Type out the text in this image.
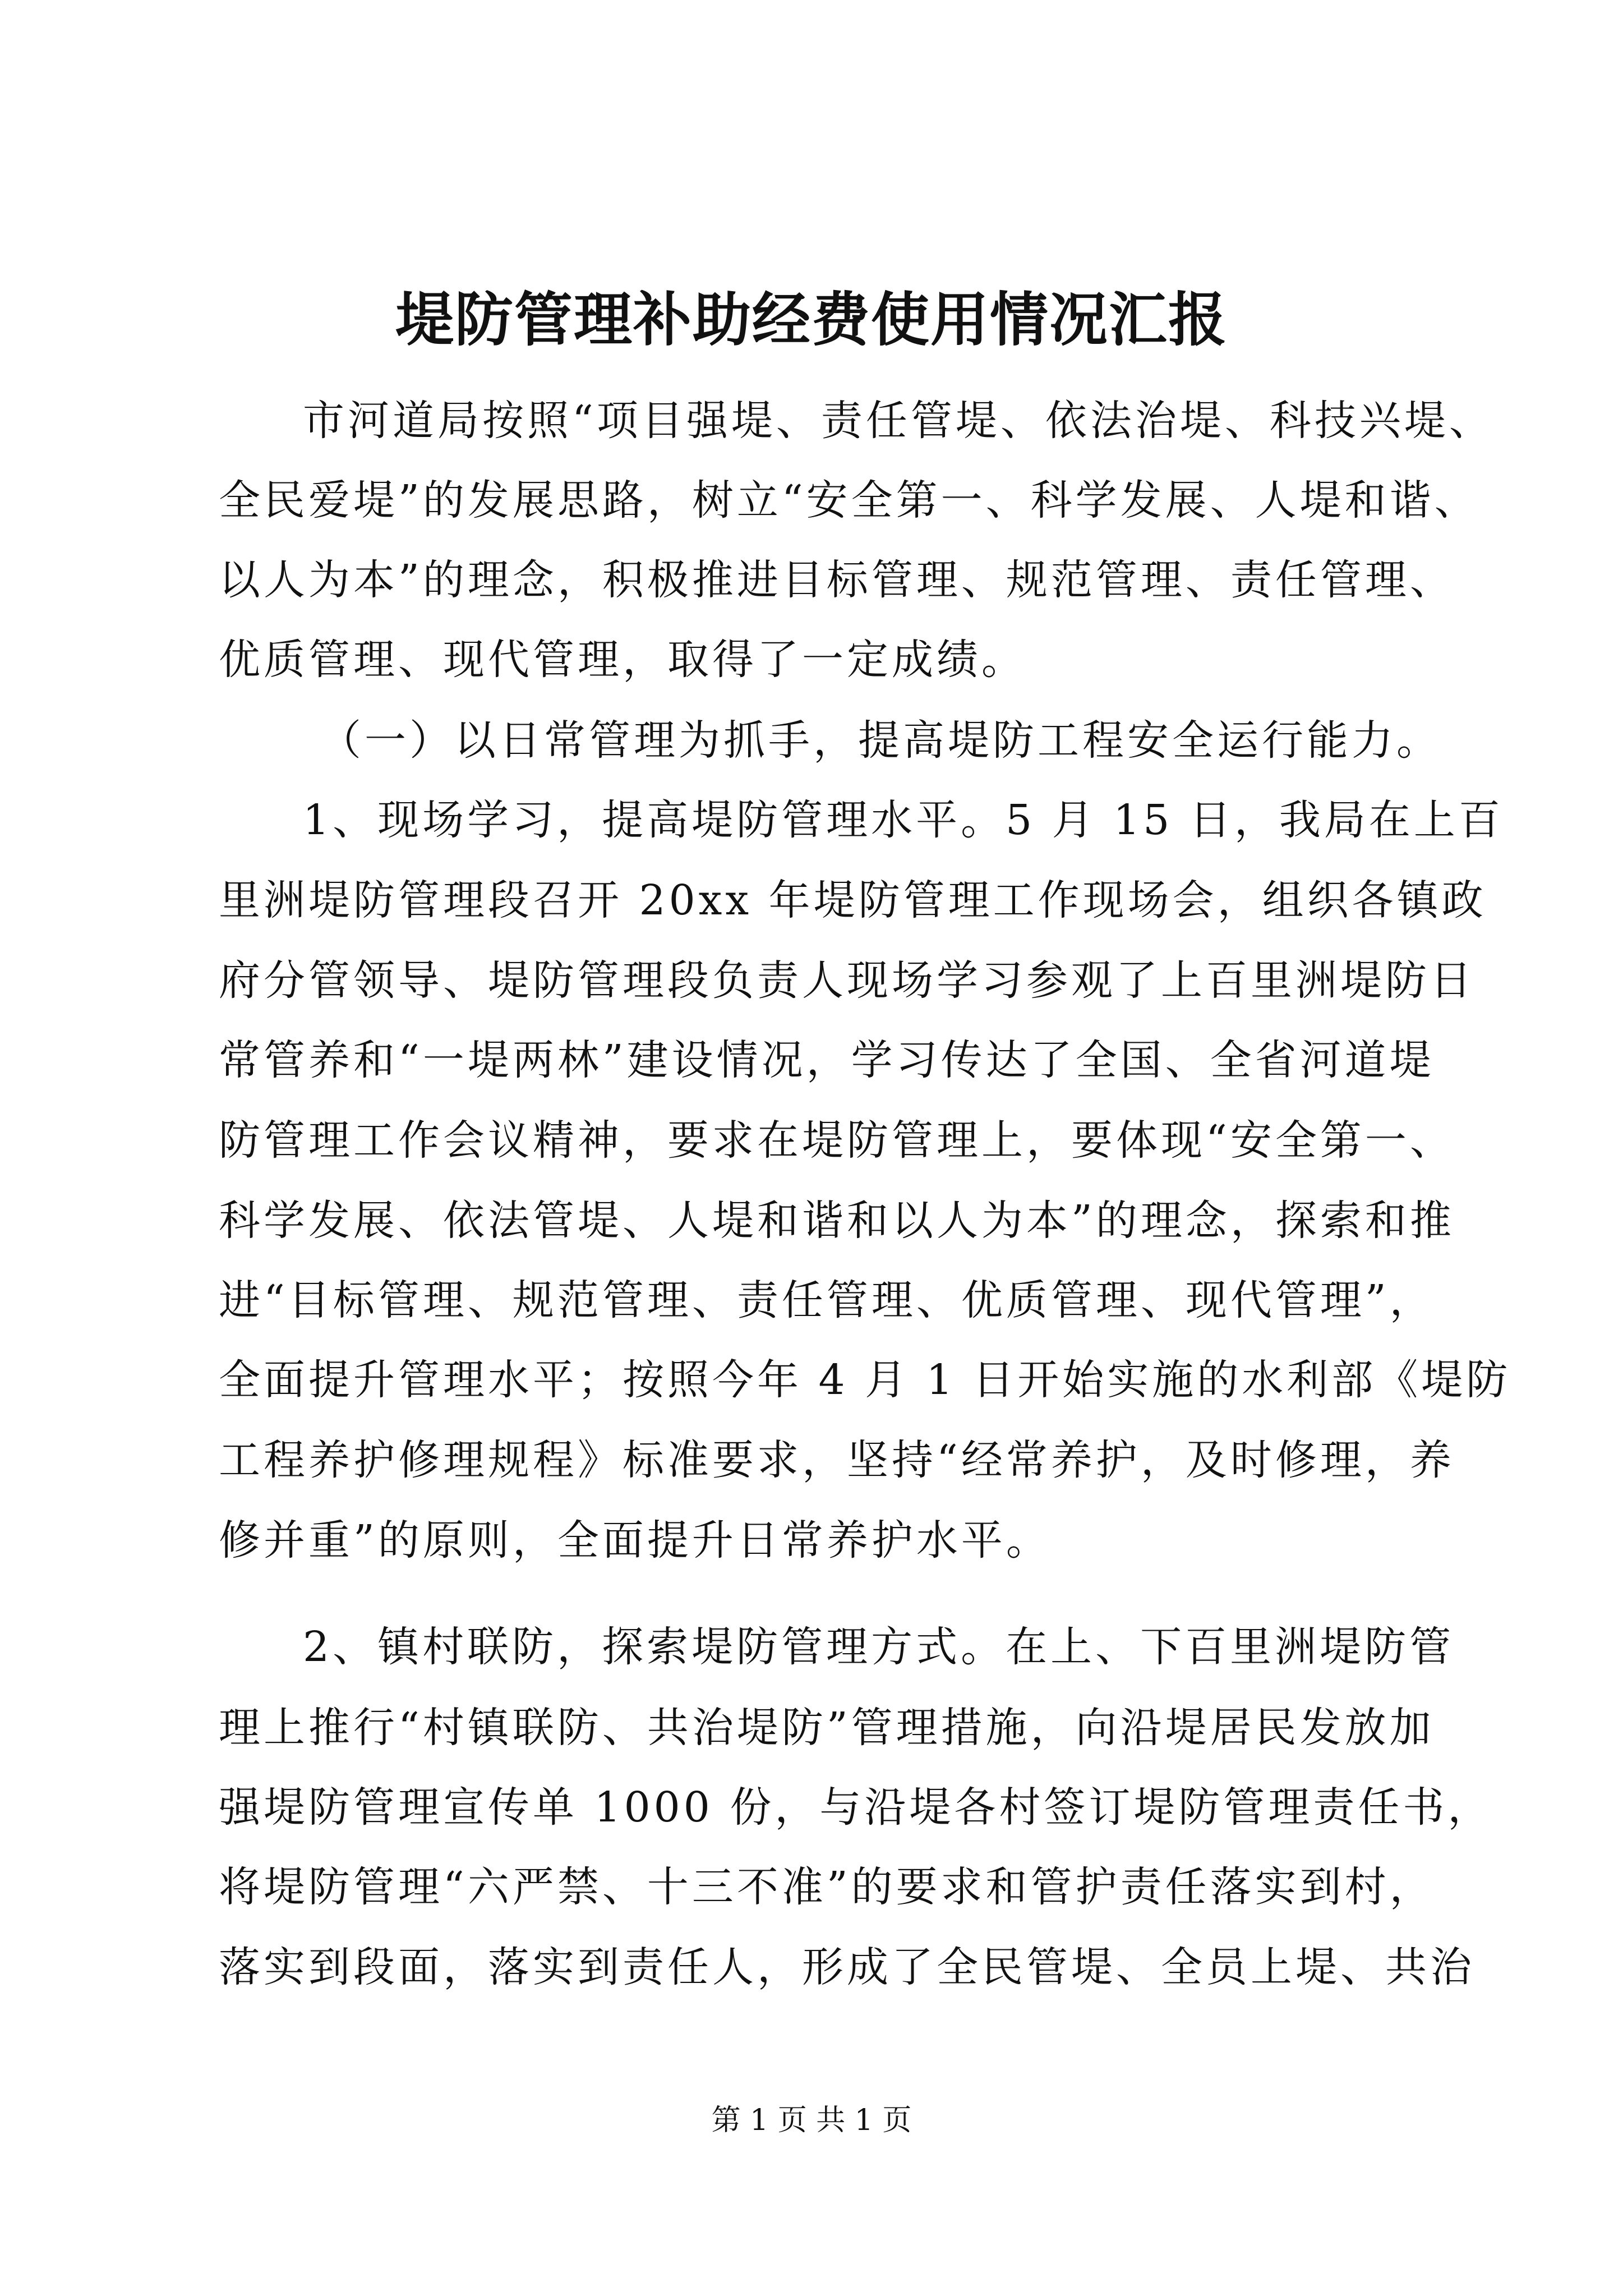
堤防管理补助经费使用情况汇报
市河道局按照“项目强堤、责任管堤、依法治堤、科技兴堤、
全民爱堤”的发展思路，树立“安全第一、科学发展、人堤和谐、
以人为本”的理念，积极推进目标管理、规范管理、责任管理、
优质管理、现代管理，取得了一定成绩。
（一）以日常管理为抓手，提高堤防工程安全运行能力。
1、现场学习，提高堤防管理水平。5 月 15 日，我局在上百
里洲堤防管理段召开 20xx 年堤防管理工作现场会，组织各镇政
府分管领导、堤防管理段负责人现场学习参观了上百里洲堤防日
常管养和“一堤两林”建设情况，学习传达了全国、全省河道堤
防管理工作会议精神，要求在堤防管理上，要体现“安全第一、
科学发展、依法管堤、人堤和谐和以人为本”的理念，探索和推
进“目标管理、规范管理、责任管理、优质管理、现代管理”，
全面提升管理水平；按照今年 4 月 1 日开始实施的水利部《堤防
工程养护修理规程》标准要求，坚持“经常养护，及时修理，养
修并重”的原则，全面提升日常养护水平。
2、镇村联防，探索堤防管理方式。在上、下百里洲堤防管
理上推行“村镇联防、共治堤防”管理措施，向沿堤居民发放加
强堤防管理宣传单 1000 份，与沿堤各村签订堤防管理责任书，
将堤防管理“六严禁、十三不准”的要求和管护责任落实到村，
落实到段面，落实到责任人，形成了全民管堤、全员上堤、共治
第 1 页 共 1 页
